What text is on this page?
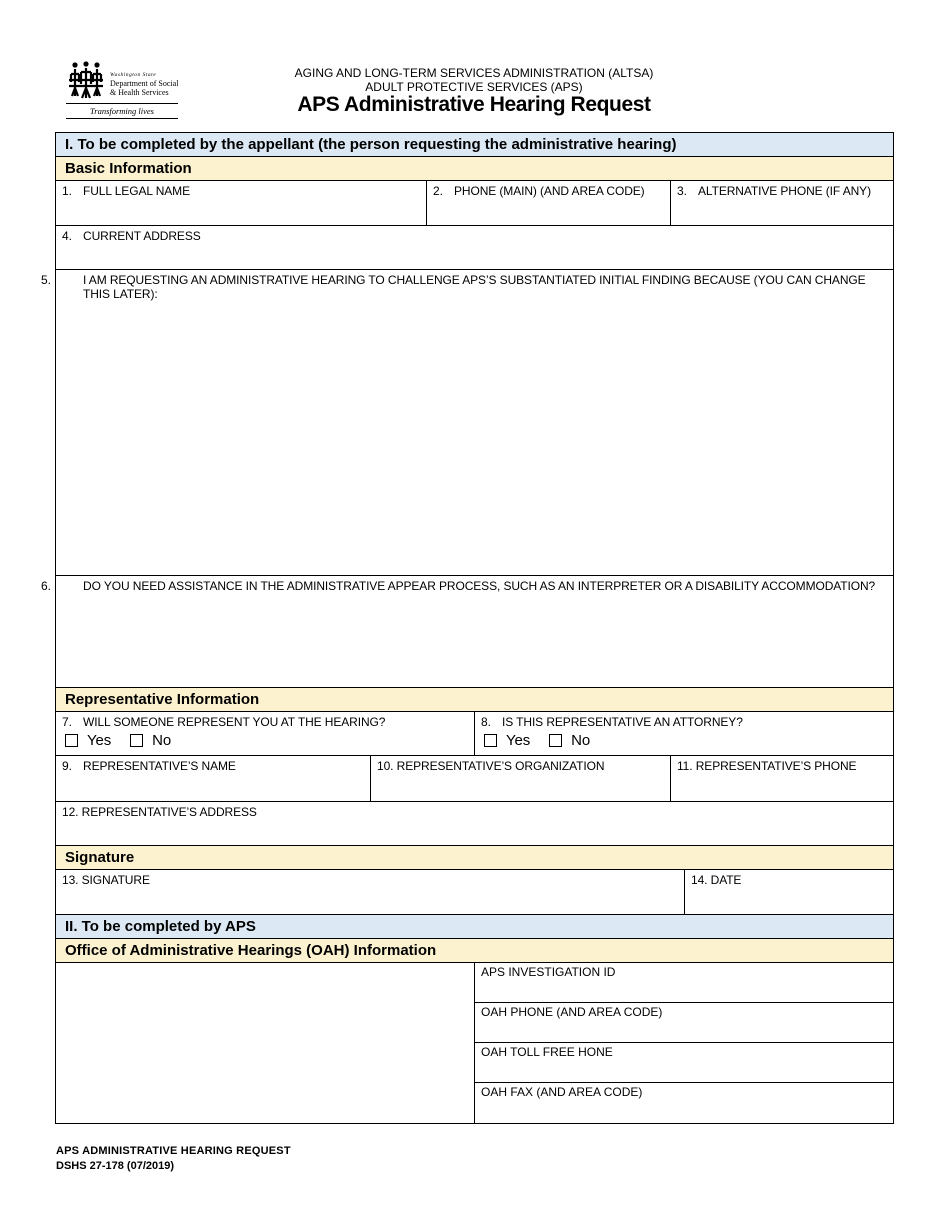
Washington State
Department of Social
& Health Services
Transforming lives
AGING AND LONG-TERM SERVICES ADMINISTRATION (ALTSA)
ADULT PROTECTIVE SERVICES (APS)
APS Administrative Hearing Request
I. To be completed by the appellant (the person requesting the administrative hearing)
Basic Information
1. FULL LEGAL NAME	2. PHONE (MAIN) (AND AREA CODE)	3. ALTERNATIVE PHONE (IF ANY)
4. CURRENT ADDRESS
5.	I AM REQUESTING AN ADMINISTRATIVE HEARING TO CHALLENGE APS’S SUBSTANTIATED INITIAL FINDING BECAUSE (YOU CAN CHANGE THIS LATER):
6.	DO YOU NEED ASSISTANCE IN THE ADMINISTRATIVE APPEAR PROCESS, SUCH AS AN INTERPRETER OR A DISABILITY ACCOMMODATION?
Representative Information
7. WILL SOMEONE REPRESENT YOU AT THE HEARING?
Yes	No
8. IS THIS REPRESENTATIVE AN ATTORNEY?
Yes	No
9. REPRESENTATIVE’S NAME	10. REPRESENTATIVE’S ORGANIZATION	11. REPRESENTATIVE’S PHONE
12. REPRESENTATIVE’S ADDRESS
Signature
13. SIGNATURE	14. DATE
II. To be completed by APS
Office of Administrative Hearings (OAH) Information
APS INVESTIGATION ID
OAH PHONE (AND AREA CODE)
OAH TOLL FREE HONE
OAH FAX (AND AREA CODE)
APS ADMINISTRATIVE HEARING REQUEST
DSHS 27-178 (07/2019)
